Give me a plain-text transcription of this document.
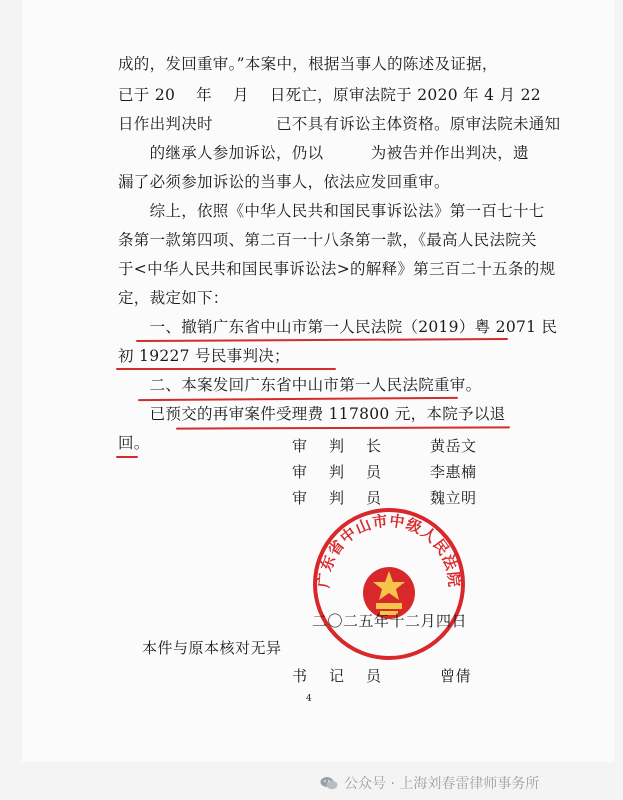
成的，发回重审。”本案中，根据当事人的陈述及证据，
已于 20　 年　 月　 日死亡，原审法院于 2020 年 4 月 22
日作出判决时　　　　已不具有诉讼主体资格。原审法院未通知
　　的继承人参加诉讼，仍以　　　为被告并作出判决，遗
漏了必须参加诉讼的当事人，依法应发回重审。
　　综上，依照《中华人民共和国民事诉讼法》第一百七十七
条第一款第四项、第二百一十八条第一款，《最高人民法院关
于<中华人民共和国民事诉讼法>的解释》第三百二十五条的规
定，裁定如下：
　　一、撤销广东省中山市第一人民法院（2019）粤 2071 民
初 19227 号民事判决；
　　二、本案发回广东省中山市第一人民法院重审。
　　已预交的再审案件受理费 117800 元，本院予以退
回。	审判长 黄岳文
审判员 李惠楠
审判员 魏立明
广东省中山市中级人民法院
二〇二五年十二月四日
本件与原本核对无异
书记员 曾倩
4
公众号 · 上海刘春雷律师事务所
